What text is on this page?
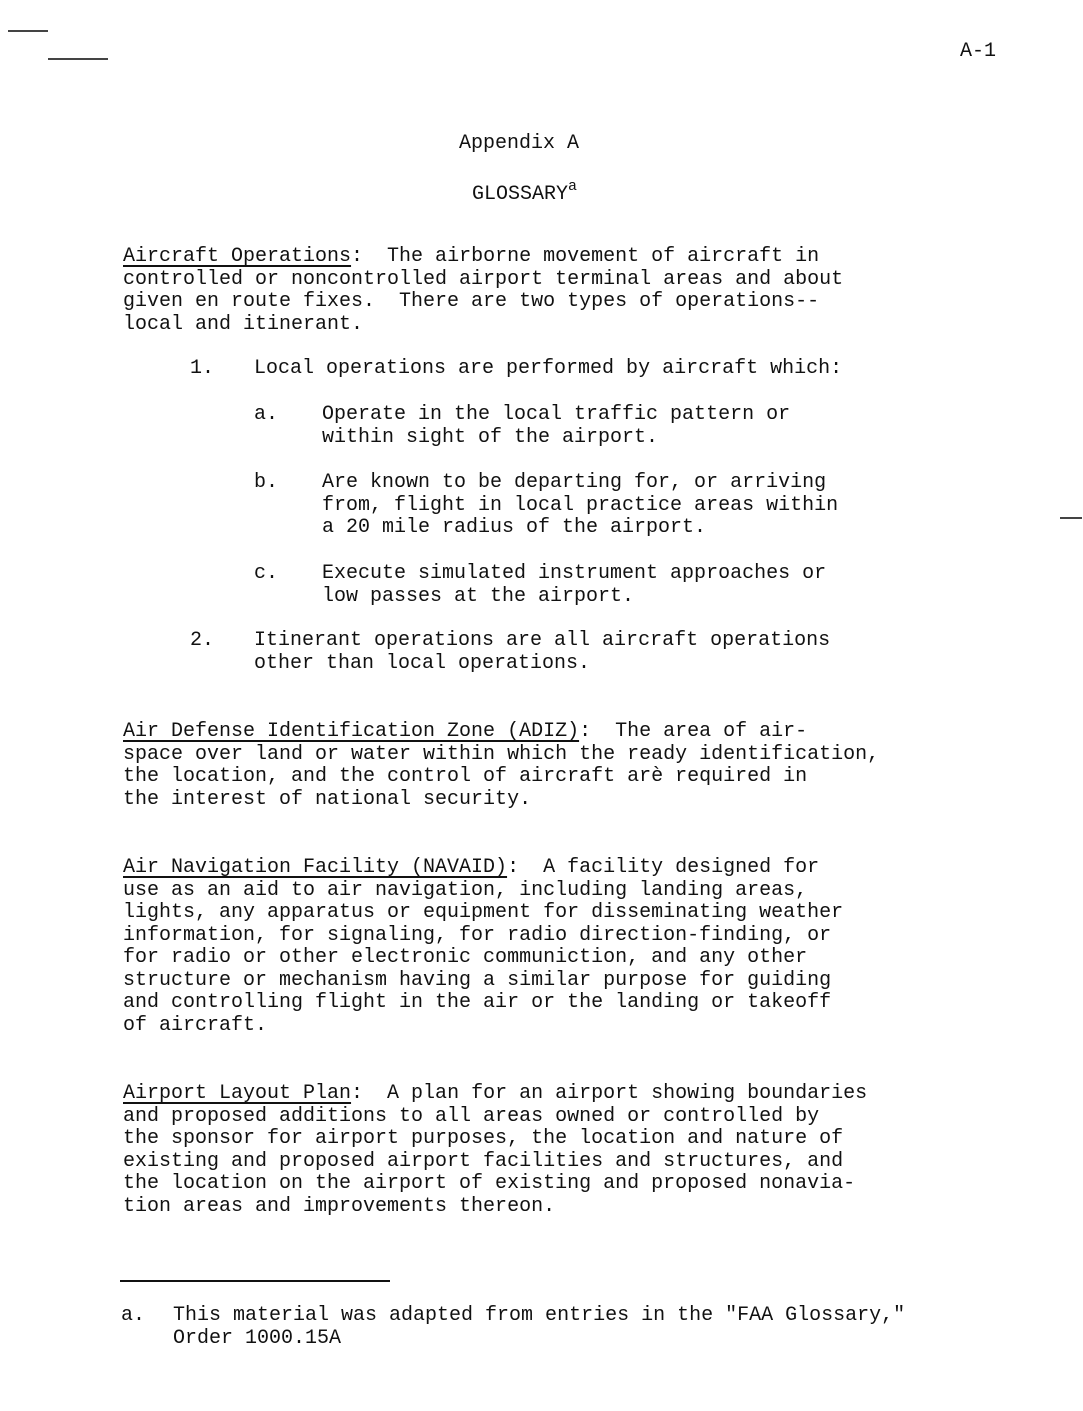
A-1
Appendix A
GLOSSARY$^a$
Aircraft Operations:  The airborne movement of aircraft in
controlled or noncontrolled airport terminal areas and about
given en route fixes.  There are two types of operations--
local and itinerant.
1. Local operations are performed by aircraft which:
a. Operate in the local traffic pattern or
within sight of the airport.
b. Are known to be departing for, or arriving
from, flight in local practice areas within
a 20 mile radius of the airport.
c. Execute simulated instrument approaches or
low passes at the airport.
2. Itinerant operations are all aircraft operations
other than local operations.
Air Defense Identification Zone (ADIZ):  The area of air-
space over land or water within which the ready identification,
the location, and the control of aircraft arè required in
the interest of national security.
Air Navigation Facility (NAVAID):  A facility designed for
use as an aid to air navigation, including landing areas,
lights, any apparatus or equipment for disseminating weather
information, for signaling, for radio direction-finding, or
for radio or other electronic communiction, and any other
structure or mechanism having a similar purpose for guiding
and controlling flight in the air or the landing or takeoff
of aircraft.
Airport Layout Plan:  A plan for an airport showing boundaries
and proposed additions to all areas owned or controlled by
the sponsor for airport purposes, the location and nature of
existing and proposed airport facilities and structures, and
the location on the airport of existing and proposed nonavia-
tion areas and improvements thereon.
a. This material was adapted from entries in the "FAA Glossary,"
Order 1000.15A
